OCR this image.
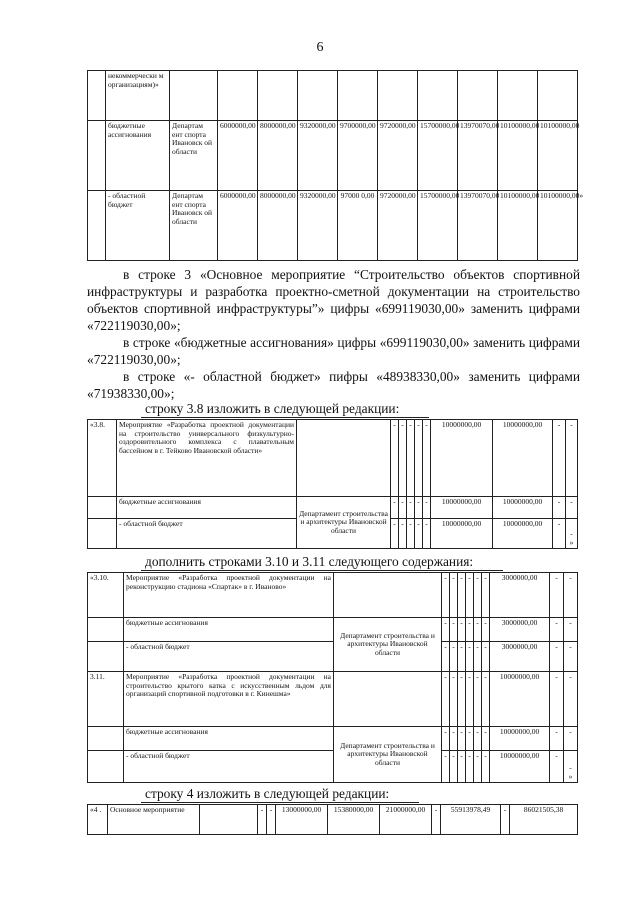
6
	некоммерчески м организациям)»										
	бюджетные ассигнования	Департам ент спорта Ивановск ой области	6000000,00	8000000,00	9320000,00	9700000,00	9720000,00	15700000,00	13970070,00	10100000,00	10100000,00
	- областной бюджет	Департам ент спорта Ивановск ой области	6000000,00	8000000,00	9320000,00	97000 0,00	9720000,00	15700000,00	13970070,00	10100000,00	10100000,00»
в строке 3 «Основное мероприятие “Строительство объектов спортивной инфраструктуры и разработка проектно-сметной документации на строительство объектов спортивной инфраструктуры”» цифры «699119030,00» заменить цифрами «722119030,00»;
в строке «бюджетные ассигнования» цифры «699119030,00» заменить цифрами «722119030,00»;
в строке «- областной бюджет» пифры «48938330,00» заменить цифрами «71938330,00»;
строку 3.8 изложить в следующей редакции:
«3.8.	Мероприятие «Разработка проектной документации на строительство универсального физкультурно-оздоровительного комплекса с плавательным бассейном в г. Тейково Ивановской области»		-	-	-	-	-	10000000,00	10000000,00	-	-
	бюджетные ассигнования	Департамент строительства и архитектуры Ивановской области	-	-	-	-	-	10000000,00	10000000,00	-	-
	- областной бюджет		-	-	-	-	-	10000000,00	10000000,00	-	-
»
дополнить строками 3.10 и 3.11 следующего содержания:
«3.10.	Мероприятие «Разработка проектной документации на реконструкцию стадиона «Спартак» в г. Иваново»		-	-	-	-	-	-	3000000,00	-	-
	бюджетные ассигнования	Департамент строительства и архитектуры Ивановской области	-	-	-	-	-	-	3000000,00	-	-
	- областной бюджет		-	-	-	-	-	-	3000000,00	-	-
3.11.	Мероприятие «Разработка проектной документации на строительство крытого катка с искусственным льдом для организаций спортивной подготовки в г. Кинешма»		-	-	-	-	-	-	10000000,00	-	-
	бюджетные ассигнования	Департамент строительства и архитектуры Ивановской области	-	-	-	-	-	-	10000000,00	-	-
	- областной бюджет		-	-	-	-	-	-	10000000,00	-	-
»
строку 4 изложить в следующей редакции:
«4 .	Основное мероприятие		-	-	13000000,00	15380000,00	21000000,00	-	55913978,49	-	86021505,38
